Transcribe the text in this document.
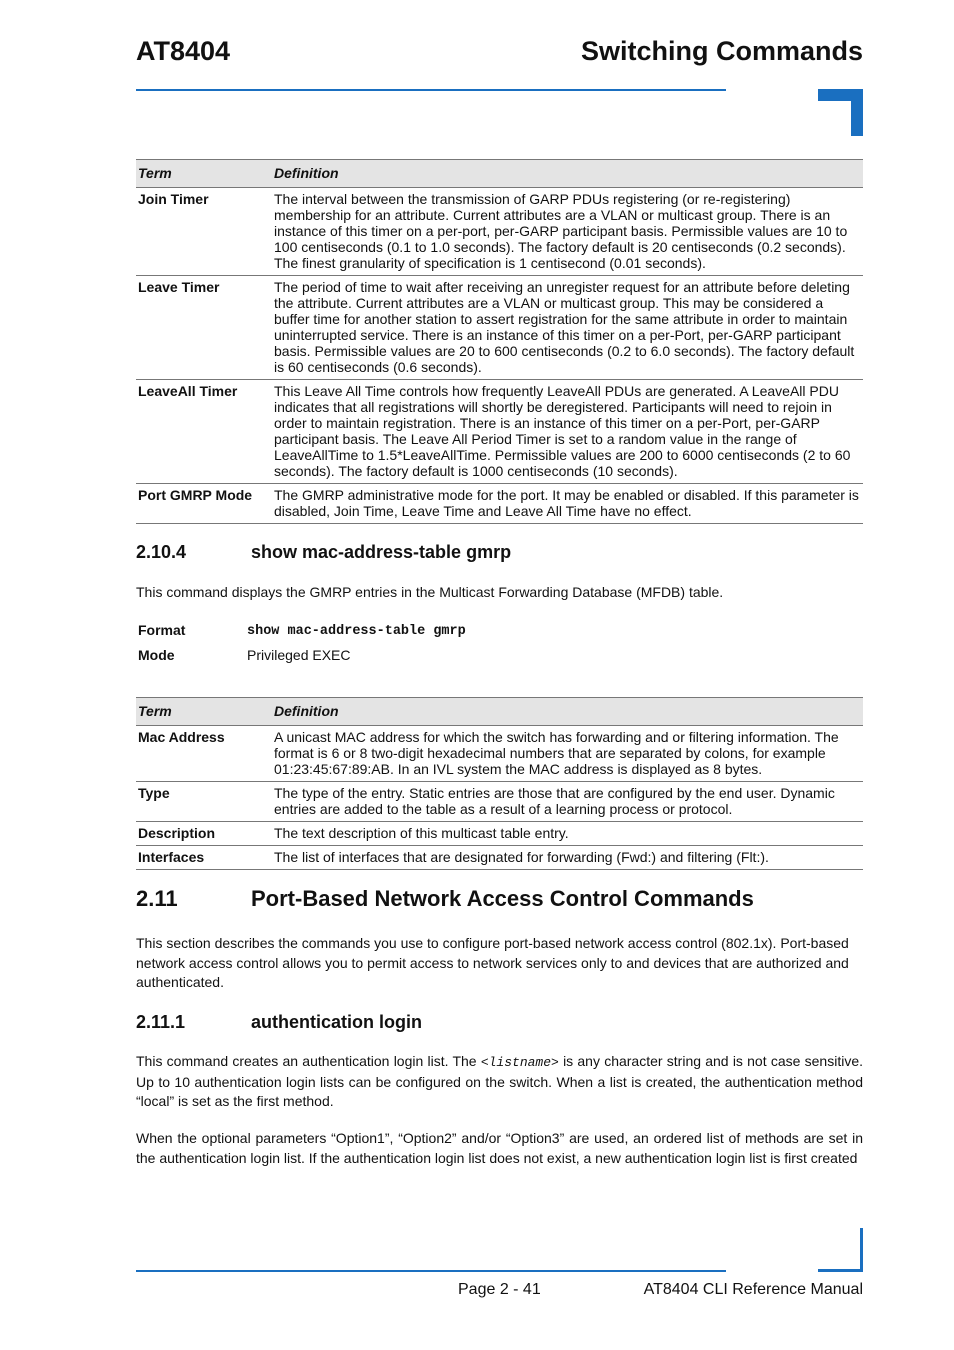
AT8404	Switching Commands
Term	Definition
Join Timer	The interval between the transmission of GARP PDUs registering (or re-registering) membership for an attribute. Current attributes are a VLAN or multicast group. There is an instance of this timer on a per-port, per-GARP participant basis. Permissible values are 10 to 100 centiseconds (0.1 to 1.0 seconds). The factory default is 20 centiseconds (0.2 seconds). The finest granularity of specification is 1 centisecond (0.01 seconds).
Leave Timer	The period of time to wait after receiving an unregister request for an attribute before deleting the attribute. Current attributes are a VLAN or multicast group. This may be considered a buffer time for another station to assert registration for the same attribute in order to maintain uninterrupted service. There is an instance of this timer on a per-Port, per-GARP participant basis. Permissible values are 20 to 600 centiseconds (0.2 to 6.0 seconds). The factory default is 60 centiseconds (0.6 seconds).
LeaveAll Timer	This Leave All Time controls how frequently LeaveAll PDUs are generated. A LeaveAll PDU indicates that all registrations will shortly be deregistered. Participants will need to rejoin in order to maintain registration. There is an instance of this timer on a per-Port, per-GARP participant basis. The Leave All Period Timer is set to a random value in the range of LeaveAllTime to 1.5*LeaveAllTime. Permissible values are 200 to 6000 centiseconds (2 to 60 seconds). The factory default is 1000 centiseconds (10 seconds).
Port GMRP Mode	The GMRP administrative mode for the port. It may be enabled or disabled. If this parameter is disabled, Join Time, Leave Time and Leave All Time have no effect.
2.10.4	show mac-address-table gmrp
This command displays the GMRP entries in the Multicast Forwarding Database (MFDB) table.
Format	show mac-address-table gmrp
Mode	Privileged EXEC
Term	Definition
Mac Address	A unicast MAC address for which the switch has forwarding and or filtering information. The format is 6 or 8 two-digit hexadecimal numbers that are separated by colons, for example 01:23:45:67:89:AB. In an IVL system the MAC address is displayed as 8 bytes.
Type	The type of the entry. Static entries are those that are configured by the end user. Dynamic entries are added to the table as a result of a learning process or protocol.
Description	The text description of this multicast table entry.
Interfaces	The list of interfaces that are designated for forwarding (Fwd:) and filtering (Flt:).
2.11	Port-Based Network Access Control Commands
This section describes the commands you use to configure port-based network access control (802.1x). Port-based network access control allows you to permit access to network services only to and devices that are authorized and authenticated.
2.11.1	authentication login
This command creates an authentication login list. The <listname> is any character string and is not case sensitive. Up to 10 authentication login lists can be configured on the switch. When a list is created, the authentication method “local” is set as the first method.
When the optional parameters “Option1”, “Option2” and/or “Option3” are used, an ordered list of methods are set in the authentication login list. If the authentication login list does not exist, a new authentication login list is first created
Page 2 - 41	AT8404 CLI Reference Manual
